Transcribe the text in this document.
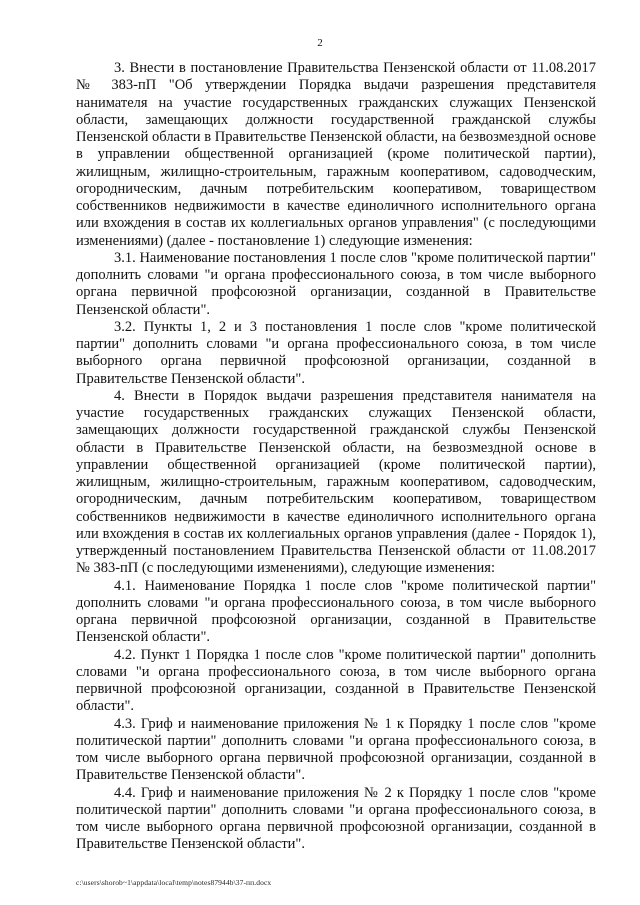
2

3. Внести в постановление Правительства Пензенской области от 11.08.2017 № 383-пП "Об утверждении Порядка выдачи разрешения представителя нанимателя на участие государственных гражданских служащих Пензенской области, замещающих должности государственной гражданской службы Пензенской области в Правительстве Пензенской области, на безвозмездной основе в управлении общественной организацией (кроме политической партии), жилищным, жилищно-строительным, гаражным кооперативом, садоводческим, огородническим, дачным потребительским кооперативом, товариществом собственников недвижимости в качестве единоличного исполнительного органа или вхождения в состав их коллегиальных органов управления" (с последующими изменениями) (далее - постановление 1) следующие изменения:

3.1. Наименование постановления 1 после слов "кроме политической партии" дополнить словами "и органа профессионального союза, в том числе выборного органа первичной профсоюзной организации, созданной в Правительстве Пензенской области".

3.2. Пункты 1, 2 и 3 постановления 1 после слов "кроме политической партии" дополнить словами "и органа профессионального союза, в том числе выборного органа первичной профсоюзной организации, созданной в Правительстве Пензенской области".

4. Внести в Порядок выдачи разрешения представителя нанимателя на участие государственных гражданских служащих Пензенской области, замещающих должности государственной гражданской службы Пензенской области в Правительстве Пензенской области, на безвозмездной основе в управлении общественной организацией (кроме политической партии), жилищным, жилищно-строительным, гаражным кооперативом, садоводческим, огородническим, дачным потребительским кооперативом, товариществом собственников недвижимости в качестве единоличного исполнительного органа или вхождения в состав их коллегиальных органов управления (далее - Порядок 1), утвержденный постановлением Правительства Пензенской области от 11.08.2017 № 383-пП (с последующими изменениями), следующие изменения:

4.1. Наименование Порядка 1 после слов "кроме политической партии" дополнить словами "и органа профессионального союза, в том числе выборного органа первичной профсоюзной организации, созданной в Правительстве Пензенской области".

4.2. Пункт 1 Порядка 1 после слов "кроме политической партии" дополнить словами "и органа профессионального союза, в том числе выборного органа первичной профсоюзной организации, созданной в Правительстве Пензенской области".

4.3. Гриф и наименование приложения № 1 к Порядку 1 после слов "кроме политической партии" дополнить словами "и органа профессионального союза, в том числе выборного органа первичной профсоюзной организации, созданной в Правительстве Пензенской области".

4.4. Гриф и наименование приложения № 2 к Порядку 1 после слов "кроме политической партии" дополнить словами "и органа профессионального союза, в том числе выборного органа первичной профсоюзной организации, созданной в Правительстве Пензенской области".

c:\users\shorob~1\appdata\local\temp\notes87944b\37-пп.docx
